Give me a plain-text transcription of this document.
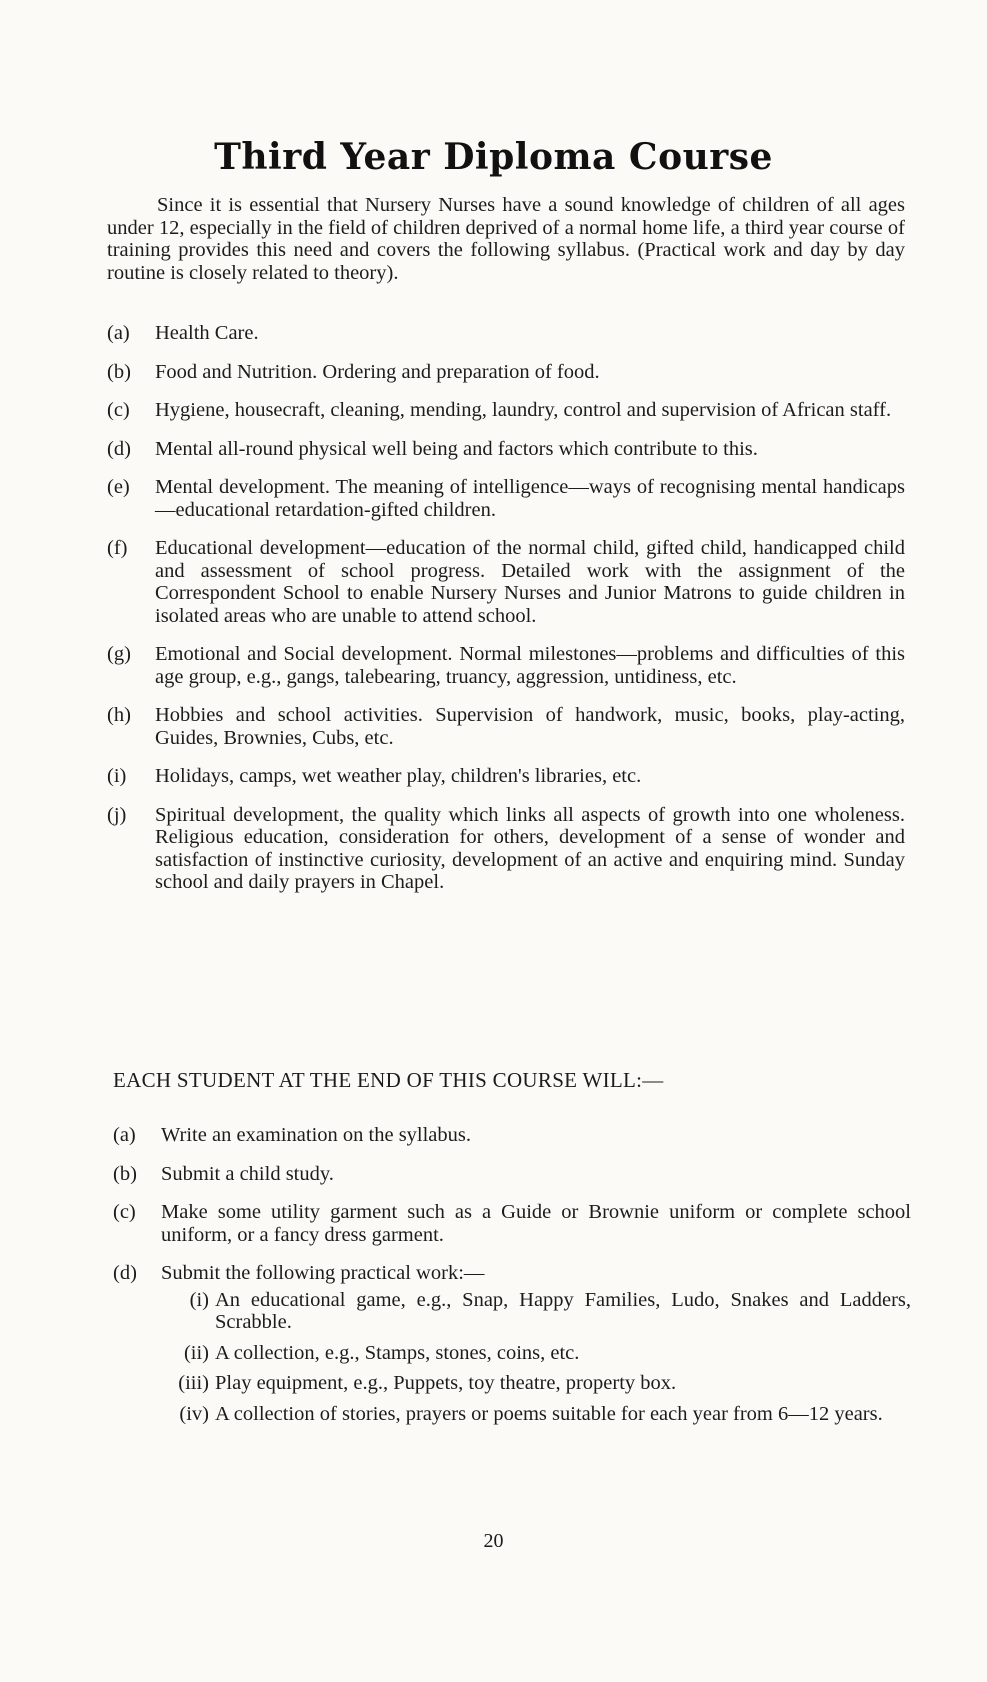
Third Year Diploma Course

Since it is essential that Nursery Nurses have a sound knowledge of children of all ages under 12, especially in the field of children deprived of a normal home life, a third year course of training provides this need and covers the following syllabus. (Practical work and day by day routine is closely related to theory).

(a)	Health Care.
(b)	Food and Nutrition. Ordering and preparation of food.
(c)	Hygiene, housecraft, cleaning, mending, laundry, control and supervision of African staff.
(d)	Mental all-round physical well being and factors which contribute to this.
(e)	Mental development. The meaning of intelligence—ways of recognising mental handicaps—educational retardation-gifted children.
(f)	Educational development—education of the normal child, gifted child, handicapped child and assessment of school progress. Detailed work with the assignment of the Correspondent School to enable Nursery Nurses and Junior Matrons to guide children in isolated areas who are unable to attend school.
(g)	Emotional and Social development. Normal milestones—problems and difficulties of this age group, e.g., gangs, talebearing, truancy, aggression, untidiness, etc.
(h)	Hobbies and school activities. Supervision of handwork, music, books, play-acting, Guides, Brownies, Cubs, etc.
(i)	Holidays, camps, wet weather play, children's libraries, etc.
(j)	Spiritual development, the quality which links all aspects of growth into one wholeness. Religious education, consideration for others, development of a sense of wonder and satisfaction of instinctive curiosity, development of an active and enquiring mind. Sunday school and daily prayers in Chapel.
EACH STUDENT AT THE END OF THIS COURSE WILL:—
(a)	Write an examination on the syllabus.
(b)	Submit a child study.
(c)	Make some utility garment such as a Guide or Brownie uniform or complete school uniform, or a fancy dress garment.
(d)	Submit the following practical work:—
(i) An educational game, e.g., Snap, Happy Families, Ludo, Snakes and Ladders, Scrabble.
(ii) A collection, e.g., Stamps, stones, coins, etc.
(iii) Play equipment, e.g., Puppets, toy theatre, property box.
(iv) A collection of stories, prayers or poems suitable for each year from 6—12 years.
20
